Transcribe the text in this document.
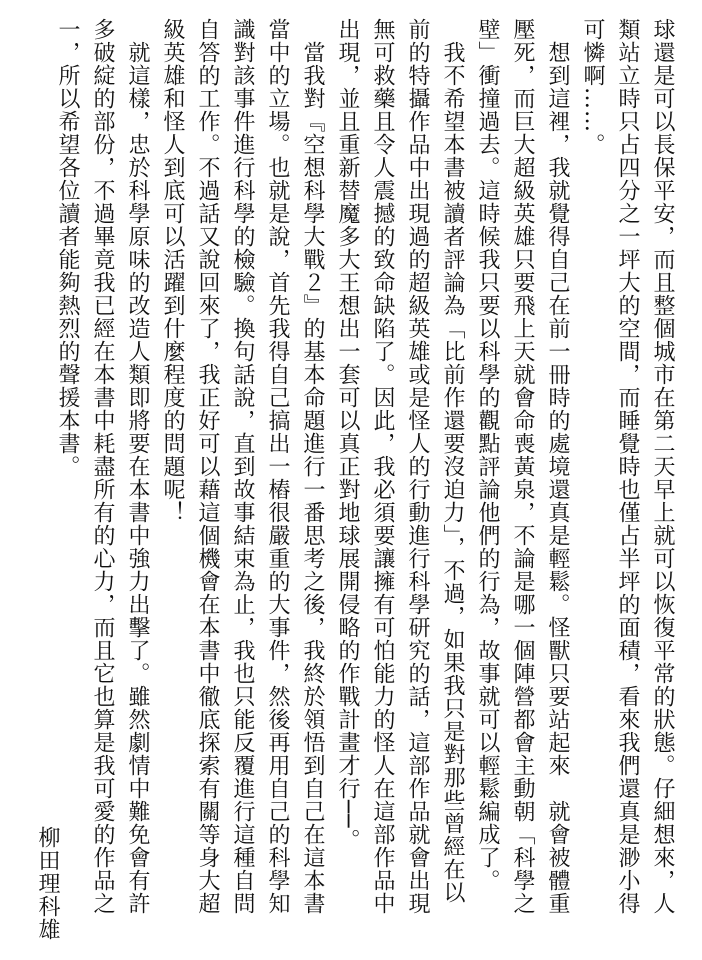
球還是可以長保平安，而且整個城市在第二天早上就可以恢復平常的狀態。仔細想來，人
類站立時只占四分之一坪大的空間，而睡覺時也僅占半坪的面積，看來我們還真是渺小得
可憐啊……。
想到這裡，我就覺得自己在前一冊時的處境還真是輕鬆。怪獸只要站起來　就會被體重
壓死，而巨大超級英雄只要飛上天就會命喪黃泉，不論是哪一個陣營都會主動朝「科學之
壁」衝撞過去。這時候我只要以科學的觀點評論他們的行為，故事就可以輕鬆編成了。
我不希望本書被讀者評論為「比前作還要沒迫力」，不過，如果我只是對那些曾經在以
前的特攝作品中出現過的超級英雄或是怪人的行動進行科學研究的話，這部作品就會出現
無可救藥且令人震撼的致命缺陷了。因此，我必須要讓擁有可怕能力的怪人在這部作品中
出現，並且重新替魔多大王想出一套可以真正對地球展開侵略的作戰計畫才行──。
當我對『空想科學大戰２』的基本命題進行一番思考之後，我終於領悟到自己在這本書
當中的立場。也就是說，首先我得自己搞出一樁很嚴重的大事件，然後再用自己的科學知
識對該事件進行科學的檢驗。換句話說，直到故事結束為止，我也只能反覆進行這種自問
自答的工作。不過話又說回來了，我正好可以藉這個機會在本書中徹底探索有關等身大超
級英雄和怪人到底可以活躍到什麼程度的問題呢！
就這樣，忠於科學原味的改造人類即將要在本書中強力出擊了。雖然劇情中難免會有許
多破綻的部份，不過畢竟我已經在本書中耗盡所有的心力，而且它也算是我可愛的作品之
一，所以希望各位讀者能夠熱烈的聲援本書。
柳田理科雄
